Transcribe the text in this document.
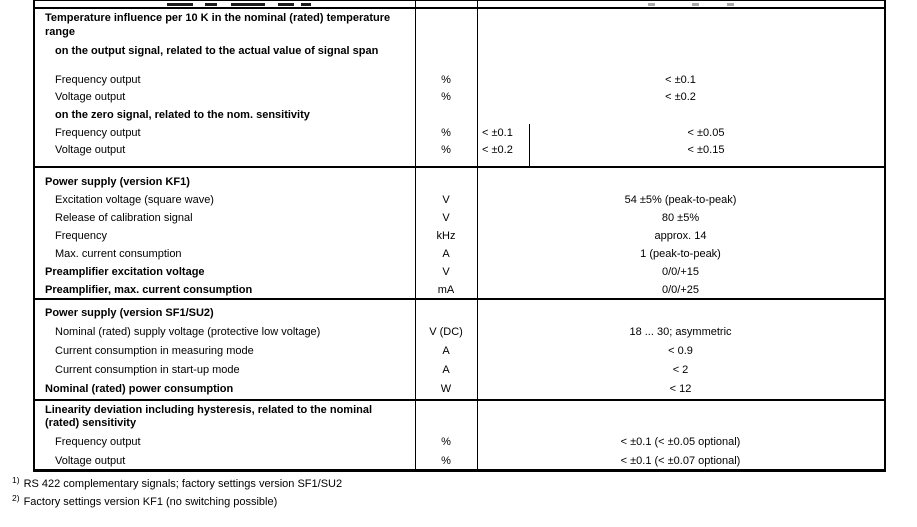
Temperature influence per 10 K in the nominal (rated) temperature range
on the output signal, related to the actual value of signal span
Frequency output	%	< ±0.1
Voltage output	%	< ±0.2
on the zero signal, related to the nom. sensitivity
Frequency output	%	< ±0.1	< ±0.05
Voltage output	%	< ±0.2	< ±0.15
Power supply (version KF1)
Excitation voltage (square wave)	V	54 ±5% (peak-to-peak)
Release of calibration signal	V	80 ±5%
Frequency	kHz	approx. 14
Max. current consumption	A	1 (peak-to-peak)
Preamplifier excitation voltage	V	0/0/+15
Preamplifier, max. current consumption	mA	0/0/+25
Power supply (version SF1/SU2)
Nominal (rated) supply voltage (protective low voltage)	V (DC)	18 ... 30; asymmetric
Current consumption in measuring mode	A	< 0.9
Current consumption in start-up mode	A	< 2
Nominal (rated) power consumption	W	< 12
Linearity deviation including hysteresis, related to the nominal (rated) sensitivity
Frequency output	%	< ±0.1 (< ±0.05 optional)
Voltage output	%	< ±0.1 (< ±0.07 optional)
$^{1)}$ RS 422 complementary signals; factory settings version SF1/SU2
$^{2)}$ Factory settings version KF1 (no switching possible)
